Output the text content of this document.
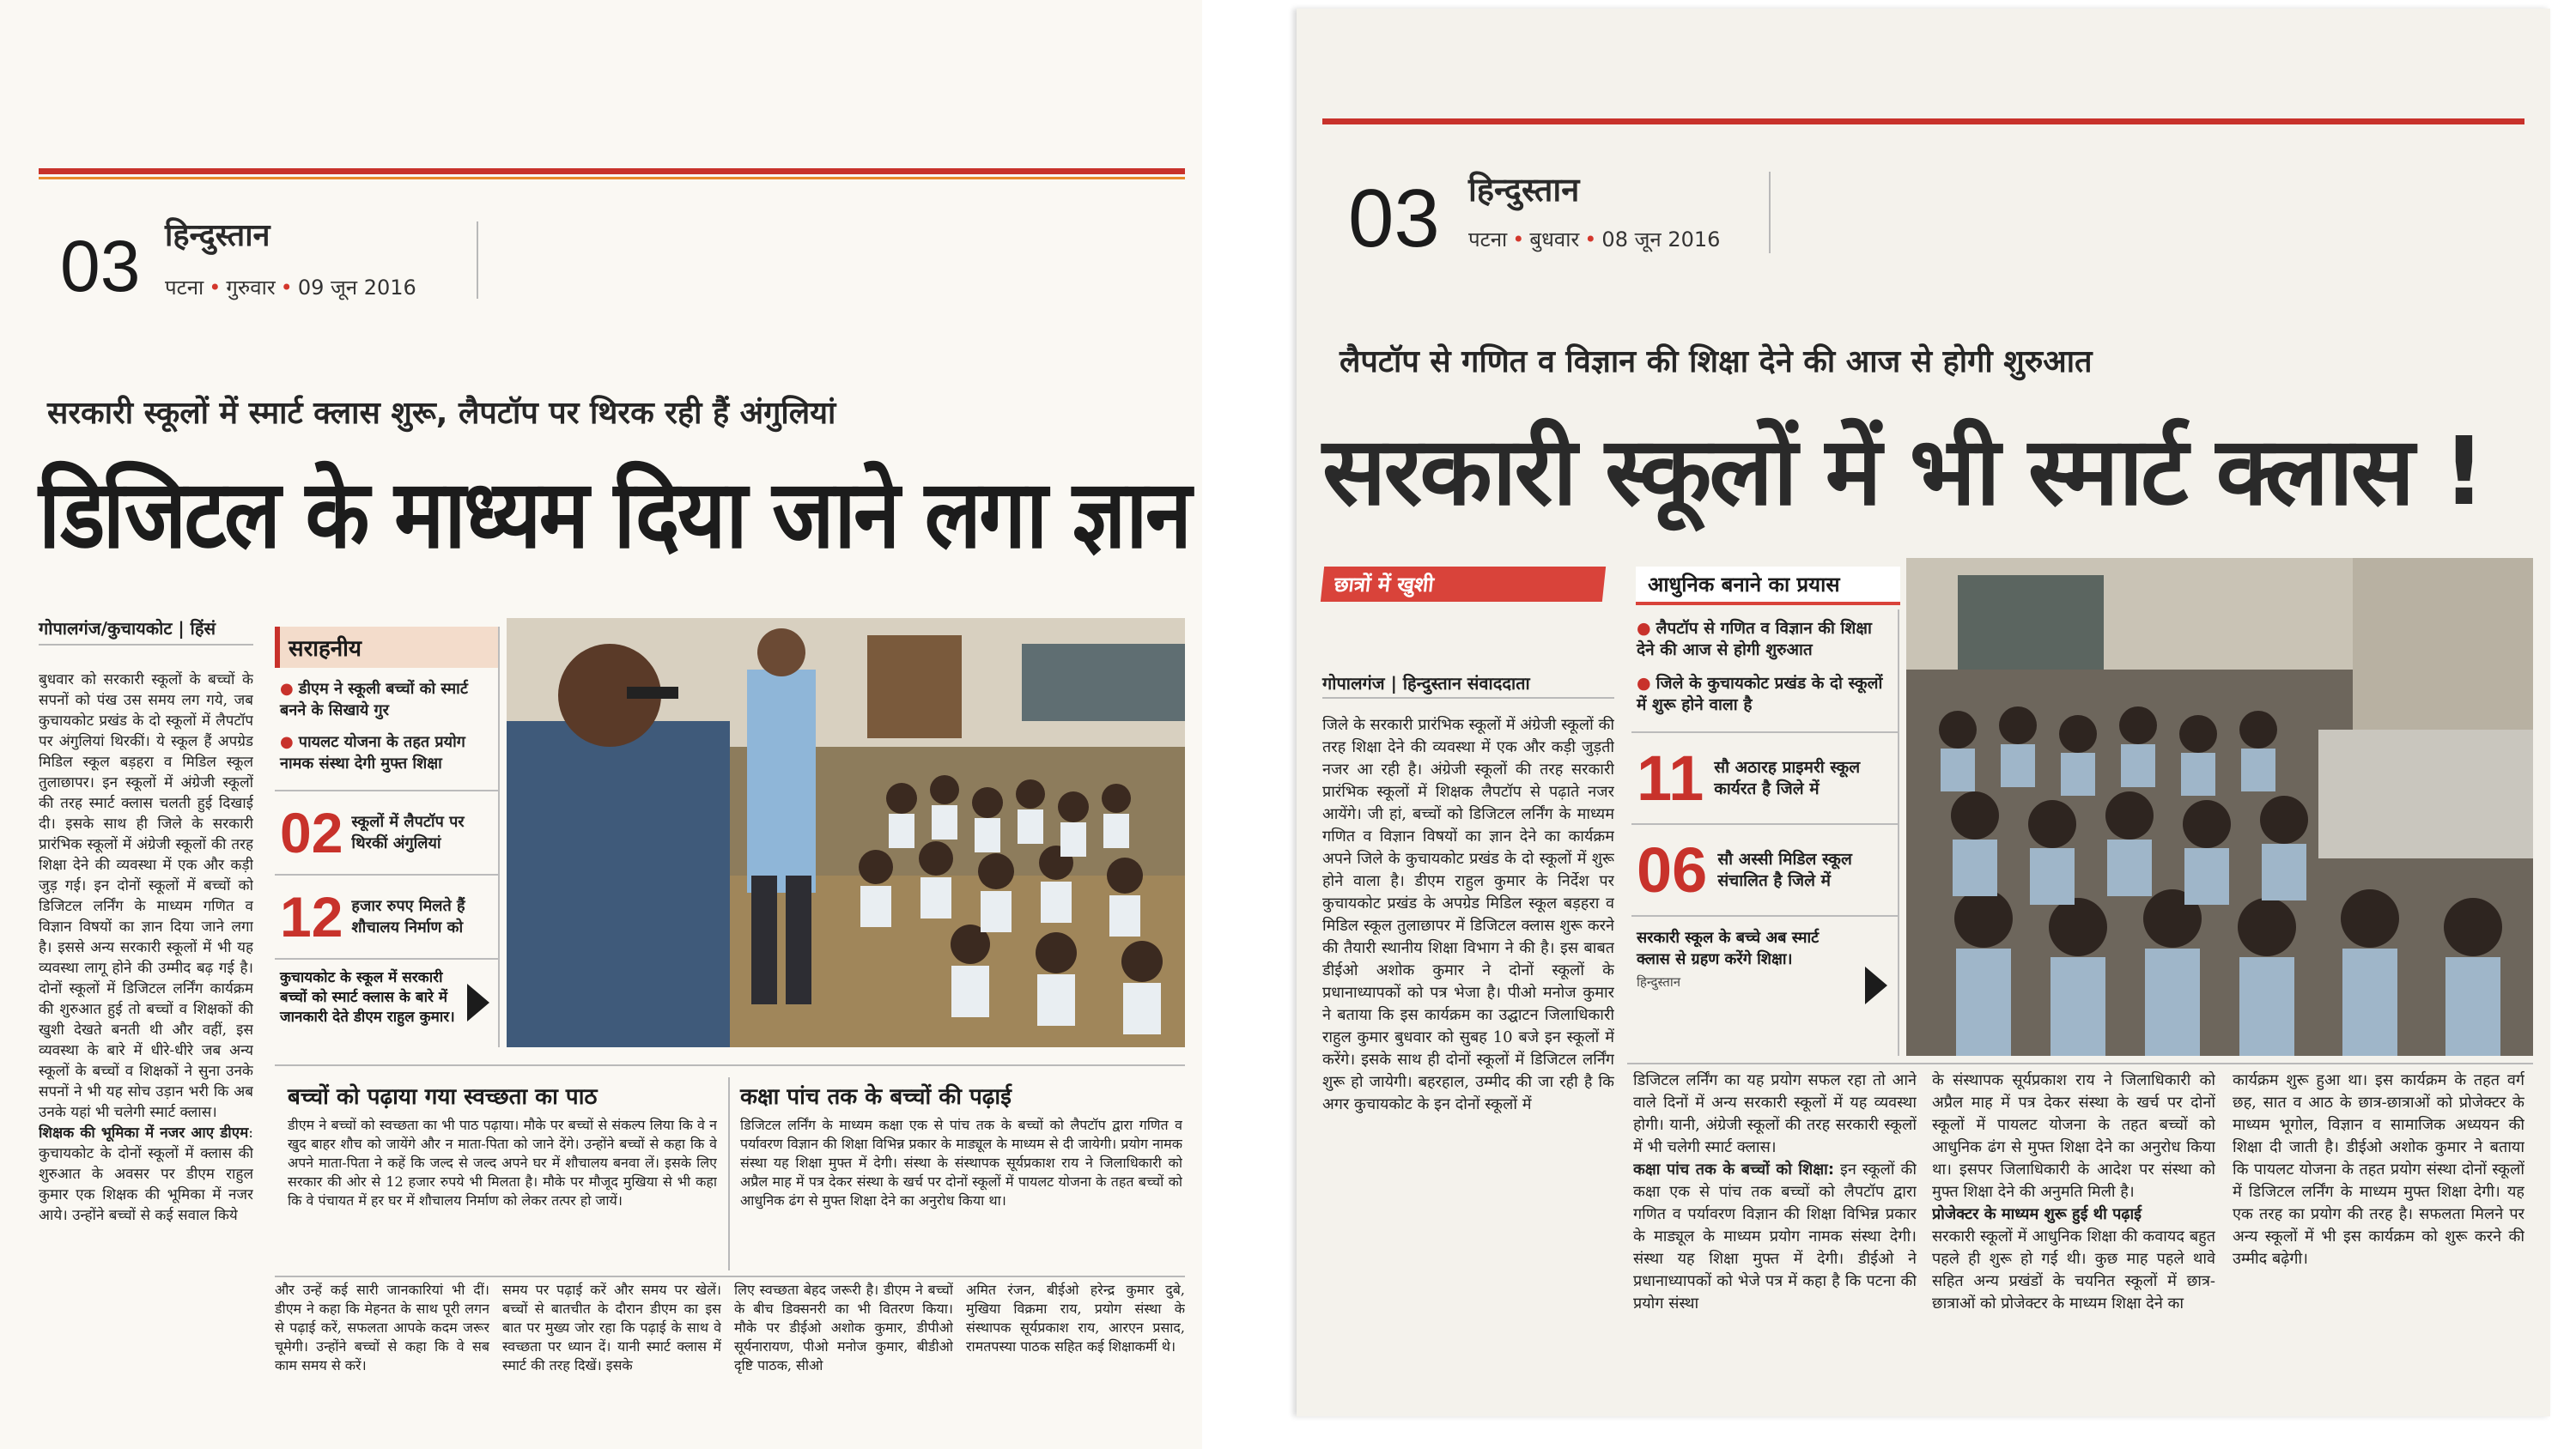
03 हिन्दुस्तान
पटना • गुरुवार • 09 जून 2016
सरकारी स्कूलों में स्मार्ट क्लास शुरू, लैपटॉप पर थिरक रही हैं अंगुलियां
डिजिटल के माध्यम दिया जाने लगा ज्ञान
गोपालगंज/कुचायकोट | हिंसं
बुधवार को सरकारी स्कूलों के बच्चों के सपनों को पंख उस समय लग गये, जब कुचायकोट प्रखंड के दो स्कूलों में लैपटॉप पर अंगुलियां थिरकीं। ये स्कूल हैं अपग्रेड मिडिल स्कूल बड़हरा व मिडिल स्कूल तुलाछापर। इन स्कूलों में अंग्रेजी स्कूलों की तरह स्मार्ट क्लास चलती हुई दिखाई दी। इसके साथ ही जिले के सरकारी प्रारंभिक स्कूलों में अंग्रेजी स्कूलों की तरह शिक्षा देने की व्यवस्था में एक और कड़ी जुड़ गई। इन दोनों स्कूलों में बच्चों को डिजिटल लर्निंग के माध्यम गणित व विज्ञान विषयों का ज्ञान दिया जाने लगा है। इससे अन्य सरकारी स्कूलों में भी यह व्यवस्था लागू होने की उम्मीद बढ़ गई है। दोनों स्कूलों में डिजिटल लर्निंग कार्यक्रम की शुरुआत हुई तो बच्चों व शिक्षकों की खुशी देखते बनती थी और वहीं, इस व्यवस्था के बारे में धीरे-धीरे जब अन्य स्कूलों के बच्चों व शिक्षकों ने सुना उनके सपनों ने भी यह सोच उड़ान भरी कि अब उनके यहां भी चलेगी स्मार्ट क्लास।
शिक्षक की भूमिका में नजर आए डीएम: कुचायकोट के दोनों स्कूलों में क्लास की शुरुआत के अवसर पर डीएम राहुल कुमार एक शिक्षक की भूमिका में नजर आये। उन्होंने बच्चों से कई सवाल किये
सराहनीय
● डीएम ने स्कूली बच्चों को स्मार्ट बनने के सिखाये गुर
● पायलट योजना के तहत प्रयोग नामक संस्था देगी मुफ्त शिक्षा
02 स्कूलों में लैपटॉप पर थिरकीं अंगुलियां
12 हजार रुपए मिलते हैं शौचालय निर्माण को
कुचायकोट के स्कूल में सरकारी बच्चों को स्मार्ट क्लास के बारे में जानकारी देते डीएम राहुल कुमार।
बच्चों को पढ़ाया गया स्वच्छता का पाठ
डीएम ने बच्चों को स्वच्छता का भी पाठ पढ़ाया। मौके पर बच्चों से संकल्प लिया कि वे न खुद बाहर शौच को जायेंगे और न माता-पिता को जाने देंगे। उन्होंने बच्चों से कहा कि वे अपने माता-पिता ने कहें कि जल्द से जल्द अपने घर में शौचालय बनवा लें। इसके लिए सरकार की ओर से 12 हजार रुपये भी मिलता है। मौके पर मौजूद मुखिया से भी कहा कि वे पंचायत में हर घर में शौचालय निर्माण को लेकर तत्पर हो जायें।
कक्षा पांच तक के बच्चों की पढ़ाई
डिजिटल लर्निंग के माध्यम कक्षा एक से पांच तक के बच्चों को लैपटॉप द्वारा गणित व पर्यावरण विज्ञान की शिक्षा विभिन्न प्रकार के माड्यूल के माध्यम से दी जायेगी। प्रयोग नामक संस्था यह शिक्षा मुफ्त में देगी। संस्था के संस्थापक सूर्यप्रकाश राय ने जिलाधिकारी को अप्रैल माह में पत्र देकर संस्था के खर्च पर दोनों स्कूलों में पायलट योजना के तहत बच्चों को आधुनिक ढंग से मुफ्त शिक्षा देने का अनुरोध किया था।
और उन्हें कई सारी जानकारियां भी दीं। डीएम ने कहा कि मेहनत के साथ पूरी लगन से पढ़ाई करें, सफलता आपके कदम जरूर चूमेगी। उन्होंने बच्चों से कहा कि वे सब काम समय से करें।
समय पर पढ़ाई करें और समय पर खेलें। बच्चों से बातचीत के दौरान डीएम का इस बात पर मुख्य जोर रहा कि पढ़ाई के साथ वे स्वच्छता पर ध्यान दें। यानी स्मार्ट क्लास में स्मार्ट की तरह दिखें। इसके
लिए स्वच्छता बेहद जरूरी है। डीएम ने बच्चों के बीच डिक्सनरी का भी वितरण किया। मौके पर डीईओ अशोक कुमार, डीपीओ सूर्यनारायण, पीओ मनोज कुमार, बीडीओ दृष्टि पाठक, सीओ
अमित रंजन, बीईओ हरेन्द्र कुमार दुबे, मुखिया विक्रमा राय, प्रयोग संस्था के संस्थापक सूर्यप्रकाश राय, आरएन प्रसाद, रामतपस्या पाठक सहित कई शिक्षाकर्मी थे।
03 हिन्दुस्तान
पटना • बुधवार • 08 जून 2016
लैपटॉप से गणित व विज्ञान की शिक्षा देने की आज से होगी शुरुआत
सरकारी स्कूलों में भी स्मार्ट क्लास !
छात्रों में खुशी	आधुनिक बनाने का प्रयास
गोपालगंज | हिन्दुस्तान संवाददाता
जिले के सरकारी प्रारंभिक स्कूलों में अंग्रेजी स्कूलों की तरह शिक्षा देने की व्यवस्था में एक और कड़ी जुड़ती नजर आ रही है। अंग्रेजी स्कूलों की तरह सरकारी प्रारंभिक स्कूलों में शिक्षक लैपटॉप से पढ़ाते नजर आयेंगे। जी हां, बच्चों को डिजिटल लर्निंग के माध्यम गणित व विज्ञान विषयों का ज्ञान देने का कार्यक्रम अपने जिले के कुचायकोट प्रखंड के दो स्कूलों में शुरू होने वाला है। डीएम राहुल कुमार के निर्देश पर कुचायकोट प्रखंड के अपग्रेड मिडिल स्कूल बड़हरा व मिडिल स्कूल तुलाछापर में डिजिटल क्लास शुरू करने की तैयारी स्थानीय शिक्षा विभाग ने की है। इस बाबत डीईओ अशोक कुमार ने दोनों स्कूलों के प्रधानाध्यापकों को पत्र भेजा है। पीओ मनोज कुमार ने बताया कि इस कार्यक्रम का उद्घाटन जिलाधिकारी राहुल कुमार बुधवार को सुबह 10 बजे इन स्कूलों में करेंगे। इसके साथ ही दोनों स्कूलों में डिजिटल लर्निंग शुरू हो जायेगी। बहरहाल, उम्मीद की जा रही है कि अगर कुचायकोट के इन दोनों स्कूलों में
● लैपटॉप से गणित व विज्ञान की शिक्षा देने की आज से होगी शुरुआत
● जिले के कुचायकोट प्रखंड के दो स्कूलों में शुरू होने वाला है
11 सौ अठारह प्राइमरी स्कूल कार्यरत है जिले में
06 सौ अस्सी मिडिल स्कूल संचालित है जिले में
सरकारी स्कूल के बच्चे अब स्मार्ट क्लास से ग्रहण करेंगे शिक्षा।
हिन्दुस्तान
डिजिटल लर्निंग का यह प्रयोग सफल रहा तो आने वाले दिनों में अन्य सरकारी स्कूलों में यह व्यवस्था होगी। यानी, अंग्रेजी स्कूलों की तरह सरकारी स्कूलों में भी चलेगी स्मार्ट क्लास।
कक्षा पांच तक के बच्चों को शिक्षा: इन स्कूलों की कक्षा एक से पांच तक बच्चों को लैपटॉप द्वारा गणित व पर्यावरण विज्ञान की शिक्षा विभिन्न प्रकार के माड्यूल के माध्यम प्रयोग नामक संस्था देगी। संस्था यह शिक्षा मुफ्त में देगी। डीईओ ने प्रधानाध्यापकों को भेजे पत्र में कहा है कि पटना की प्रयोग संस्था
के संस्थापक सूर्यप्रकाश राय ने जिलाधिकारी को अप्रैल माह में पत्र देकर संस्था के खर्च पर दोनों स्कूलों में पायलट योजना के तहत बच्चों को आधुनिक ढंग से मुफ्त शिक्षा देने का अनुरोध किया था। इसपर जिलाधिकारी के आदेश पर संस्था को मुफ्त शिक्षा देने की अनुमति मिली है।
प्रोजेक्टर के माध्यम शुरू हुई थी पढ़ाई
सरकारी स्कूलों में आधुनिक शिक्षा की कवायद बहुत पहले ही शुरू हो गई थी। कुछ माह पहले थावे सहित अन्य प्रखंडों के चयनित स्कूलों में छात्र-छात्राओं को प्रोजेक्टर के माध्यम शिक्षा देने का
कार्यक्रम शुरू हुआ था। इस कार्यक्रम के तहत वर्ग छह, सात व आठ के छात्र-छात्राओं को प्रोजेक्टर के माध्यम भूगोल, विज्ञान व सामाजिक अध्ययन की शिक्षा दी जाती है। डीईओ अशोक कुमार ने बताया कि पायलट योजना के तहत प्रयोग संस्था दोनों स्कूलों में डिजिटल लर्निंग के माध्यम मुफ्त शिक्षा देगी। यह एक तरह का प्रयोग की तरह है। सफलता मिलने पर अन्य स्कूलों में भी इस कार्यक्रम को शुरू करने की उम्मीद बढ़ेगी।
